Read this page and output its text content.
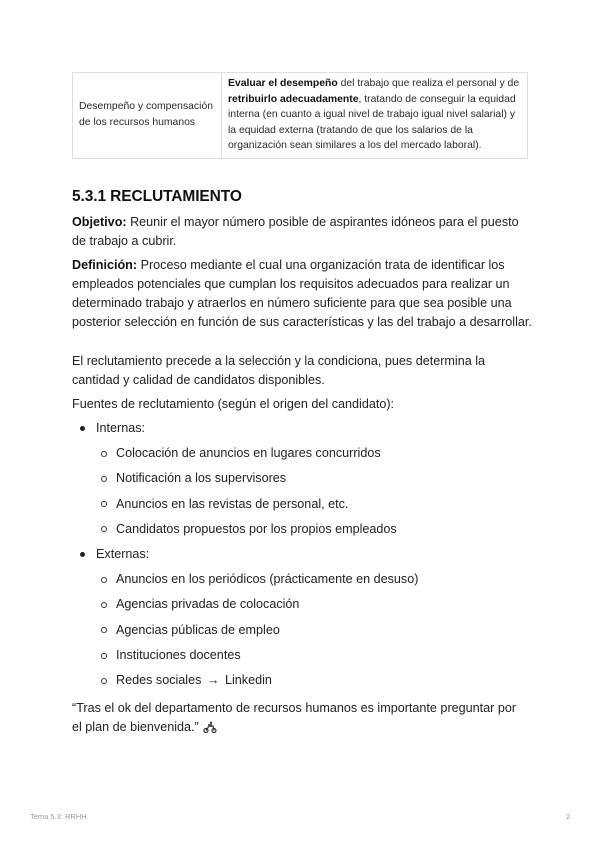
Desempeño y compensación de los recursos humanos	Evaluar el desempeño del trabajo que realiza el personal y de retribuirlo adecuadamente, tratando de conseguir la equidad interna (en cuanto a igual nivel de trabajo igual nivel salarial) y la equidad externa (tratando de que los salarios de la organización sean similares a los del mercado laboral).
5.3.1 RECLUTAMIENTO

Objetivo: Reunir el mayor número posible de aspirantes idóneos para el puesto de trabajo a cubrir.

Definición: Proceso mediante el cual una organización trata de identificar los empleados potenciales que cumplan los requisitos adecuados para realizar un determinado trabajo y atraerlos en número suficiente para que sea posible una posterior selección en función de sus características y las del trabajo a desarrollar.

El reclutamiento precede a la selección y la condiciona, pues determina la cantidad y calidad de candidatos disponibles.

Fuentes de reclutamiento (según el origen del candidato):

Internas:
Colocación de anuncios en lugares concurridos
Notificación a los supervisores
Anuncios en las revistas de personal, etc.
Candidatos propuestos por los propios empleados
Externas:
Anuncios en los periódicos (prácticamente en desuso)
Agencias privadas de colocación
Agencias públicas de empleo
Instituciones docentes
Redes sociales → Linkedin

“Tras el ok del departamento de recursos humanos es importante preguntar por el plan de bienvenida.”

Tema 5.3: RRHH	2
